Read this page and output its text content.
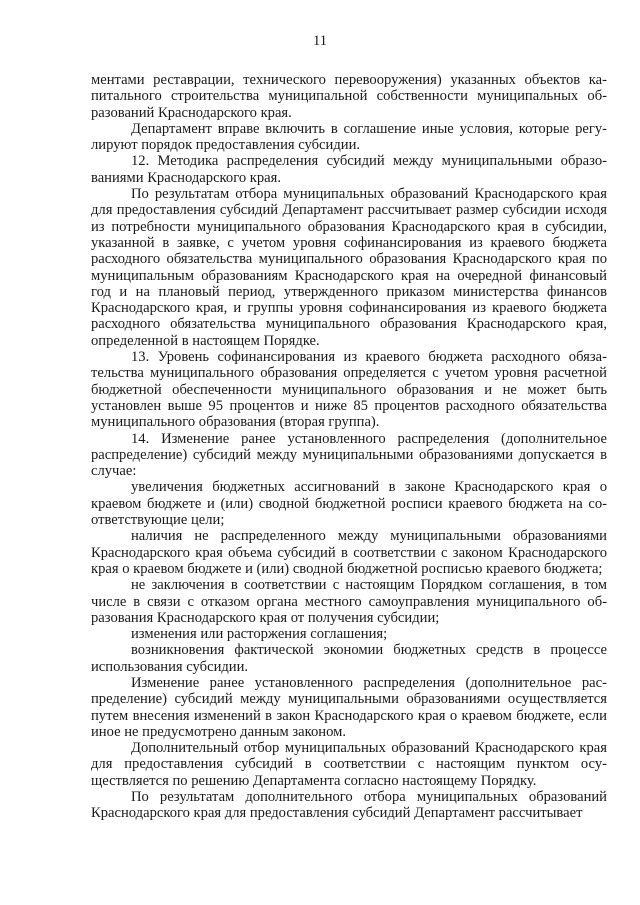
11

ментами реставрации, технического перевооружения) указанных объектов капитального строительства муниципальной собственности муниципальных образований Краснодарского края.

Департамент вправе включить в соглашение иные условия, которые регулируют порядок предоставления субсидии.

12. Методика распределения субсидий между муниципальными образованиями Краснодарского края.

По результатам отбора муниципальных образований Краснодарского края для предоставления субсидий Департамент рассчитывает размер субсидии исходя из потребности муниципального образования Краснодарского края в субсидии, указанной в заявке, с учетом уровня софинансирования из краевого бюджета расходного обязательства муниципального образования Краснодарского края по муниципальным образованиям Краснодарского края на очередной финансовый год и на плановый период, утвержденного приказом министерства финансов Краснодарского края, и группы уровня софинансирования из краевого бюджета расходного обязательства муниципального образования Краснодарского края, определенной в настоящем Порядке.

13. Уровень софинансирования из краевого бюджета расходного обязательства муниципального образования определяется с учетом уровня расчетной бюджетной обеспеченности муниципального образования и не может быть установлен выше 95 процентов и ниже 85 процентов расходного обязательства муниципального образования (вторая группа).

14. Изменение ранее установленного распределения (дополнительное распределение) субсидий между муниципальными образованиями допускается в случае:

увеличения бюджетных ассигнований в законе Краснодарского края о краевом бюджете и (или) сводной бюджетной росписи краевого бюджета на соответствующие цели;

наличия не распределенного между муниципальными образованиями Краснодарского края объема субсидий в соответствии с законом Краснодарского края о краевом бюджете и (или) сводной бюджетной росписью краевого бюджета;

не заключения в соответствии с настоящим Порядком соглашения, в том числе в связи с отказом органа местного самоуправления муниципального образования Краснодарского края от получения субсидии;

изменения или расторжения соглашения;

возникновения фактической экономии бюджетных средств в процессе использования субсидии.

Изменение ранее установленного распределения (дополнительное распределение) субсидий между муниципальными образованиями осуществляется путем внесения изменений в закон Краснодарского края о краевом бюджете, если иное не предусмотрено данным законом.

Дополнительный отбор муниципальных образований Краснодарского края для предоставления субсидий в соответствии с настоящим пунктом осуществляется по решению Департамента согласно настоящему Порядку.

По результатам дополнительного отбора муниципальных образований Краснодарского края для предоставления субсидий Департамент рассчитывает
